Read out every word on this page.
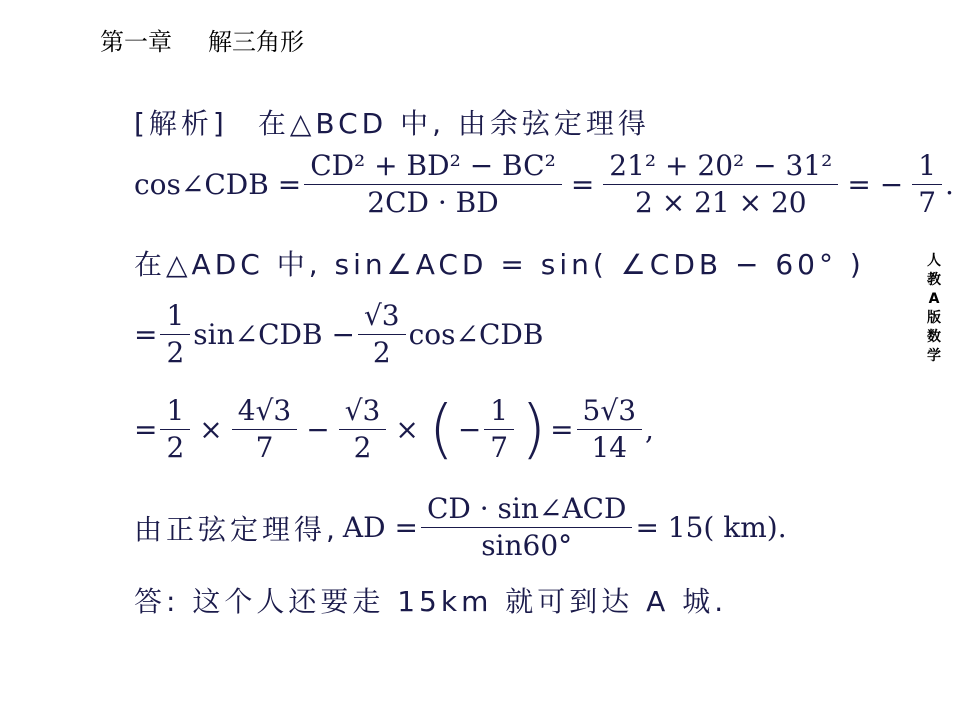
第一章 解三角形
人
教
A
版
数
学
[解析] 在△BCD 中, 由余弦定理得
cos∠CDB = $\frac{\text{CD² + BD² − BC²}}{2CD \cdot BD} = \frac{\text{21² + 20² − 31²}}{2 \times 21 \times 20}$ = − $\frac{1}{7}$ .
在△ADC 中, sin∠ACD = sin( ∠CDB − 60° )
= $\frac{1}{2}$ sin∠CDB − $\frac{√3}{2}$ cos∠CDB
= $\frac{1}{2} \times \frac{4√3}{7} - \frac{√3}{2}$ × ( − $\frac{1}{7}$ ) = $\frac{5√3}{14}$ ,
由正弦定理得, AD = $\frac{\text{CD · sin∠ACD}}{\sin 60^\circ} = 15$( km).
答: 这个人还要走 15km 就可到达 A 城.
